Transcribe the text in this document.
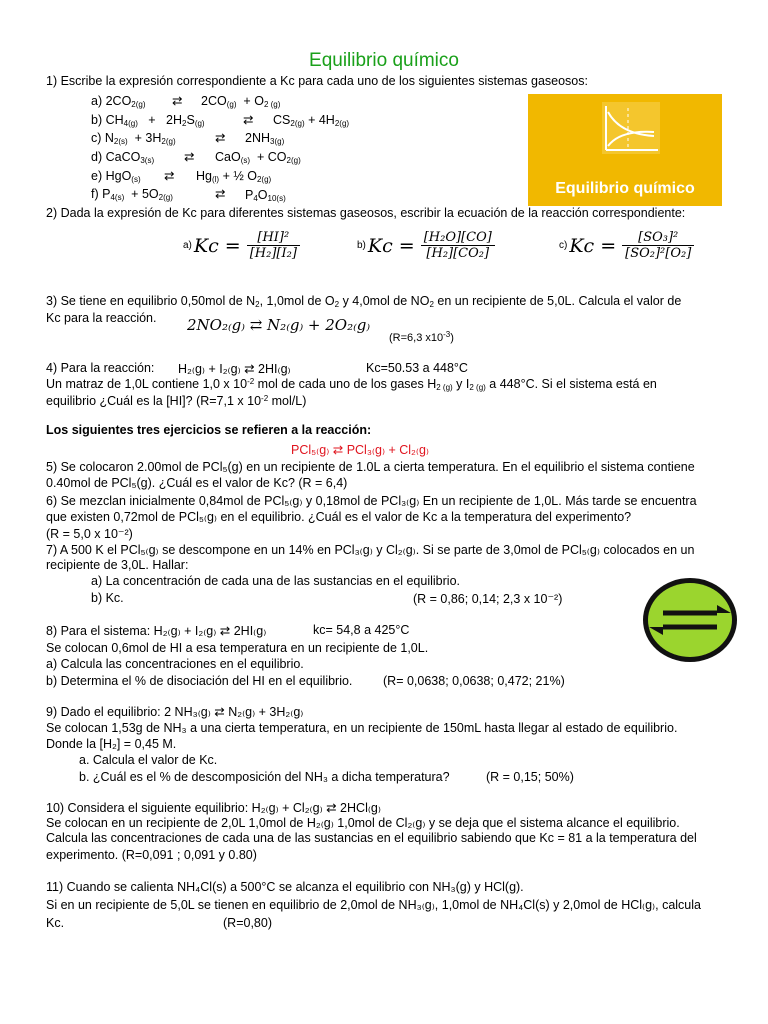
Equilibrio químico
Equilibrio químico
1) Escribe la expresión correspondiente a Kc para cada uno de los siguientes sistemas gaseosos:
a) $2CO_{2(g)}$ ⇄ $2CO_{(g)} + O_{2 (g)}$
b) $CH_{4(g)} + 2H_2S_{(g)}$	⇄ $CS_{2(g)} + 4H_{2(g)}$
c) $N_{2(s)} + 3H_{2(g)}$	⇄ $2NH_{3(g)}$
d) CaCO$_{3(s)}$ ⇄ $CaO_{(s)} + CO_{2(g)}$
e) HgO$_{(s)}$ ⇄ $Hg_{(l)}$ + ½ $O_{2(g)}$
f) $P_{4(s)} + 5O_{2(g)}$	⇄ $P_4O_{10(s)}$
2) Dada la expresión de Kc para diferentes sistemas gaseosos, escribir la ecuación de la reacción correspondiente:
a) $Kc = \frac{\text{[HI]²}}{\text{[H₂][I₂]}}$	b) $Kc = \frac{\text{[H₂O][CO]}}{\text{[H₂][CO₂]}}$	c) $Kc = \frac{\text{[SO₃]²}}{\text{[SO₂]²[O₂]}}$
3) Se tiene en equilibrio 0,50mol de $N_2$, 1,0mol de $O_2$ y 4,0mol de $NO_2$ en un recipiente de 5,0L. Calcula el valor de
Kc para la reacción. 2NO₂₍g₎ ⇄ N₂₍g₎ + 2O₂₍g₎
(R=6,3 $x10^{-3}$)
4) Para la reacción: H₂₍g₎ + I₂₍g₎ ⇄ 2HI₍g₎	Kc=50.53 a 448°C
Un matraz de 1,0L contiene 1,0 x $10^{-2}$ mol de cada uno de los gases $H_{2 (g)}$ y $I_{2 (g)}$ a 448°C. Si el sistema está en
equilibrio ¿Cuál es la [HI]? (R=7,1 x $10^{-2}$ mol/L)
Los siguientes tres ejercicios se refieren a la reacción:
PCl₅₍g₎ ⇄ PCl₃₍g₎ + Cl₂₍g₎
5) Se colocaron 2.00mol de PCl₅(g) en un recipiente de 1.0L a cierta temperatura. En el equilibrio el sistema contiene
0.40mol de PCl₅(g). ¿Cuál es el valor de Kc? (R = 6,4)
6) Se mezclan inicialmente 0,84mol de PCl₅₍g₎ y 0,18mol de PCl₃₍g₎ En un recipiente de 1,0L. Más tarde se encuentra
que existen 0,72mol de PCl₅₍g₎ en el equilibrio. ¿Cuál es el valor de Kc a la temperatura del experimento?
(R = 5,0 x 10⁻²)
7) A 500 K el PCl₅₍g₎ se descompone en un 14% en PCl₃₍g₎ y Cl₂₍g₎. Si se parte de 3,0mol de PCl₅₍g₎ colocados en un
recipiente de 3,0L. Hallar:
a) La concentración de cada una de las sustancias en el equilibrio.
b) Kc.	(R = 0,86; 0,14; 2,3 x 10⁻²)
8) Para el sistema: H₂₍g₎ + I₂₍g₎ ⇄ 2HI₍g₎	kc= 54,8 a 425°C
Se colocan 0,6mol de HI a esa temperatura en un recipiente de 1,0L.
a) Calcula las concentraciones en el equilibrio.
b) Determina el % de disociación del HI en el equilibrio. (R= 0,0638; 0,0638; 0,472; 21%)
9) Dado el equilibrio: 2 NH₃₍g₎ ⇄ N₂₍g₎ + 3H₂₍g₎
Se colocan 1,53g de NH₃ a una cierta temperatura, en un recipiente de 150mL hasta llegar al estado de equilibrio.
Donde la [H₂] = 0,45 M.
a. Calcula el valor de Kc.
b. ¿Cuál es el % de descomposición del NH₃ a dicha temperatura?	(R = 0,15; 50%)
10) Considera el siguiente equilibrio: H₂₍g₎ + Cl₂₍g₎ ⇄ 2HCl₍g₎
Se colocan en un recipiente de 2,0L 1,0mol de H₂₍g₎ 1,0mol de Cl₂₍g₎ y se deja que el sistema alcance el equilibrio.
Calcula las concentraciones de cada una de las sustancias en el equilibrio sabiendo que Kc = 81 a la temperatura del
experimento. (R=0,091 ; 0,091 y 0.80)
11) Cuando se calienta NH₄Cl(s) a 500°C se alcanza el equilibrio con NH₃(g) y HCl(g).
Si en un recipiente de 5,0L se tienen en equilibrio de 2,0mol de NH₃₍g₎, 1,0mol de NH₄Cl(s) y 2,0mol de HCl₍g₎, calcula
Kc.	(R=0,80)
